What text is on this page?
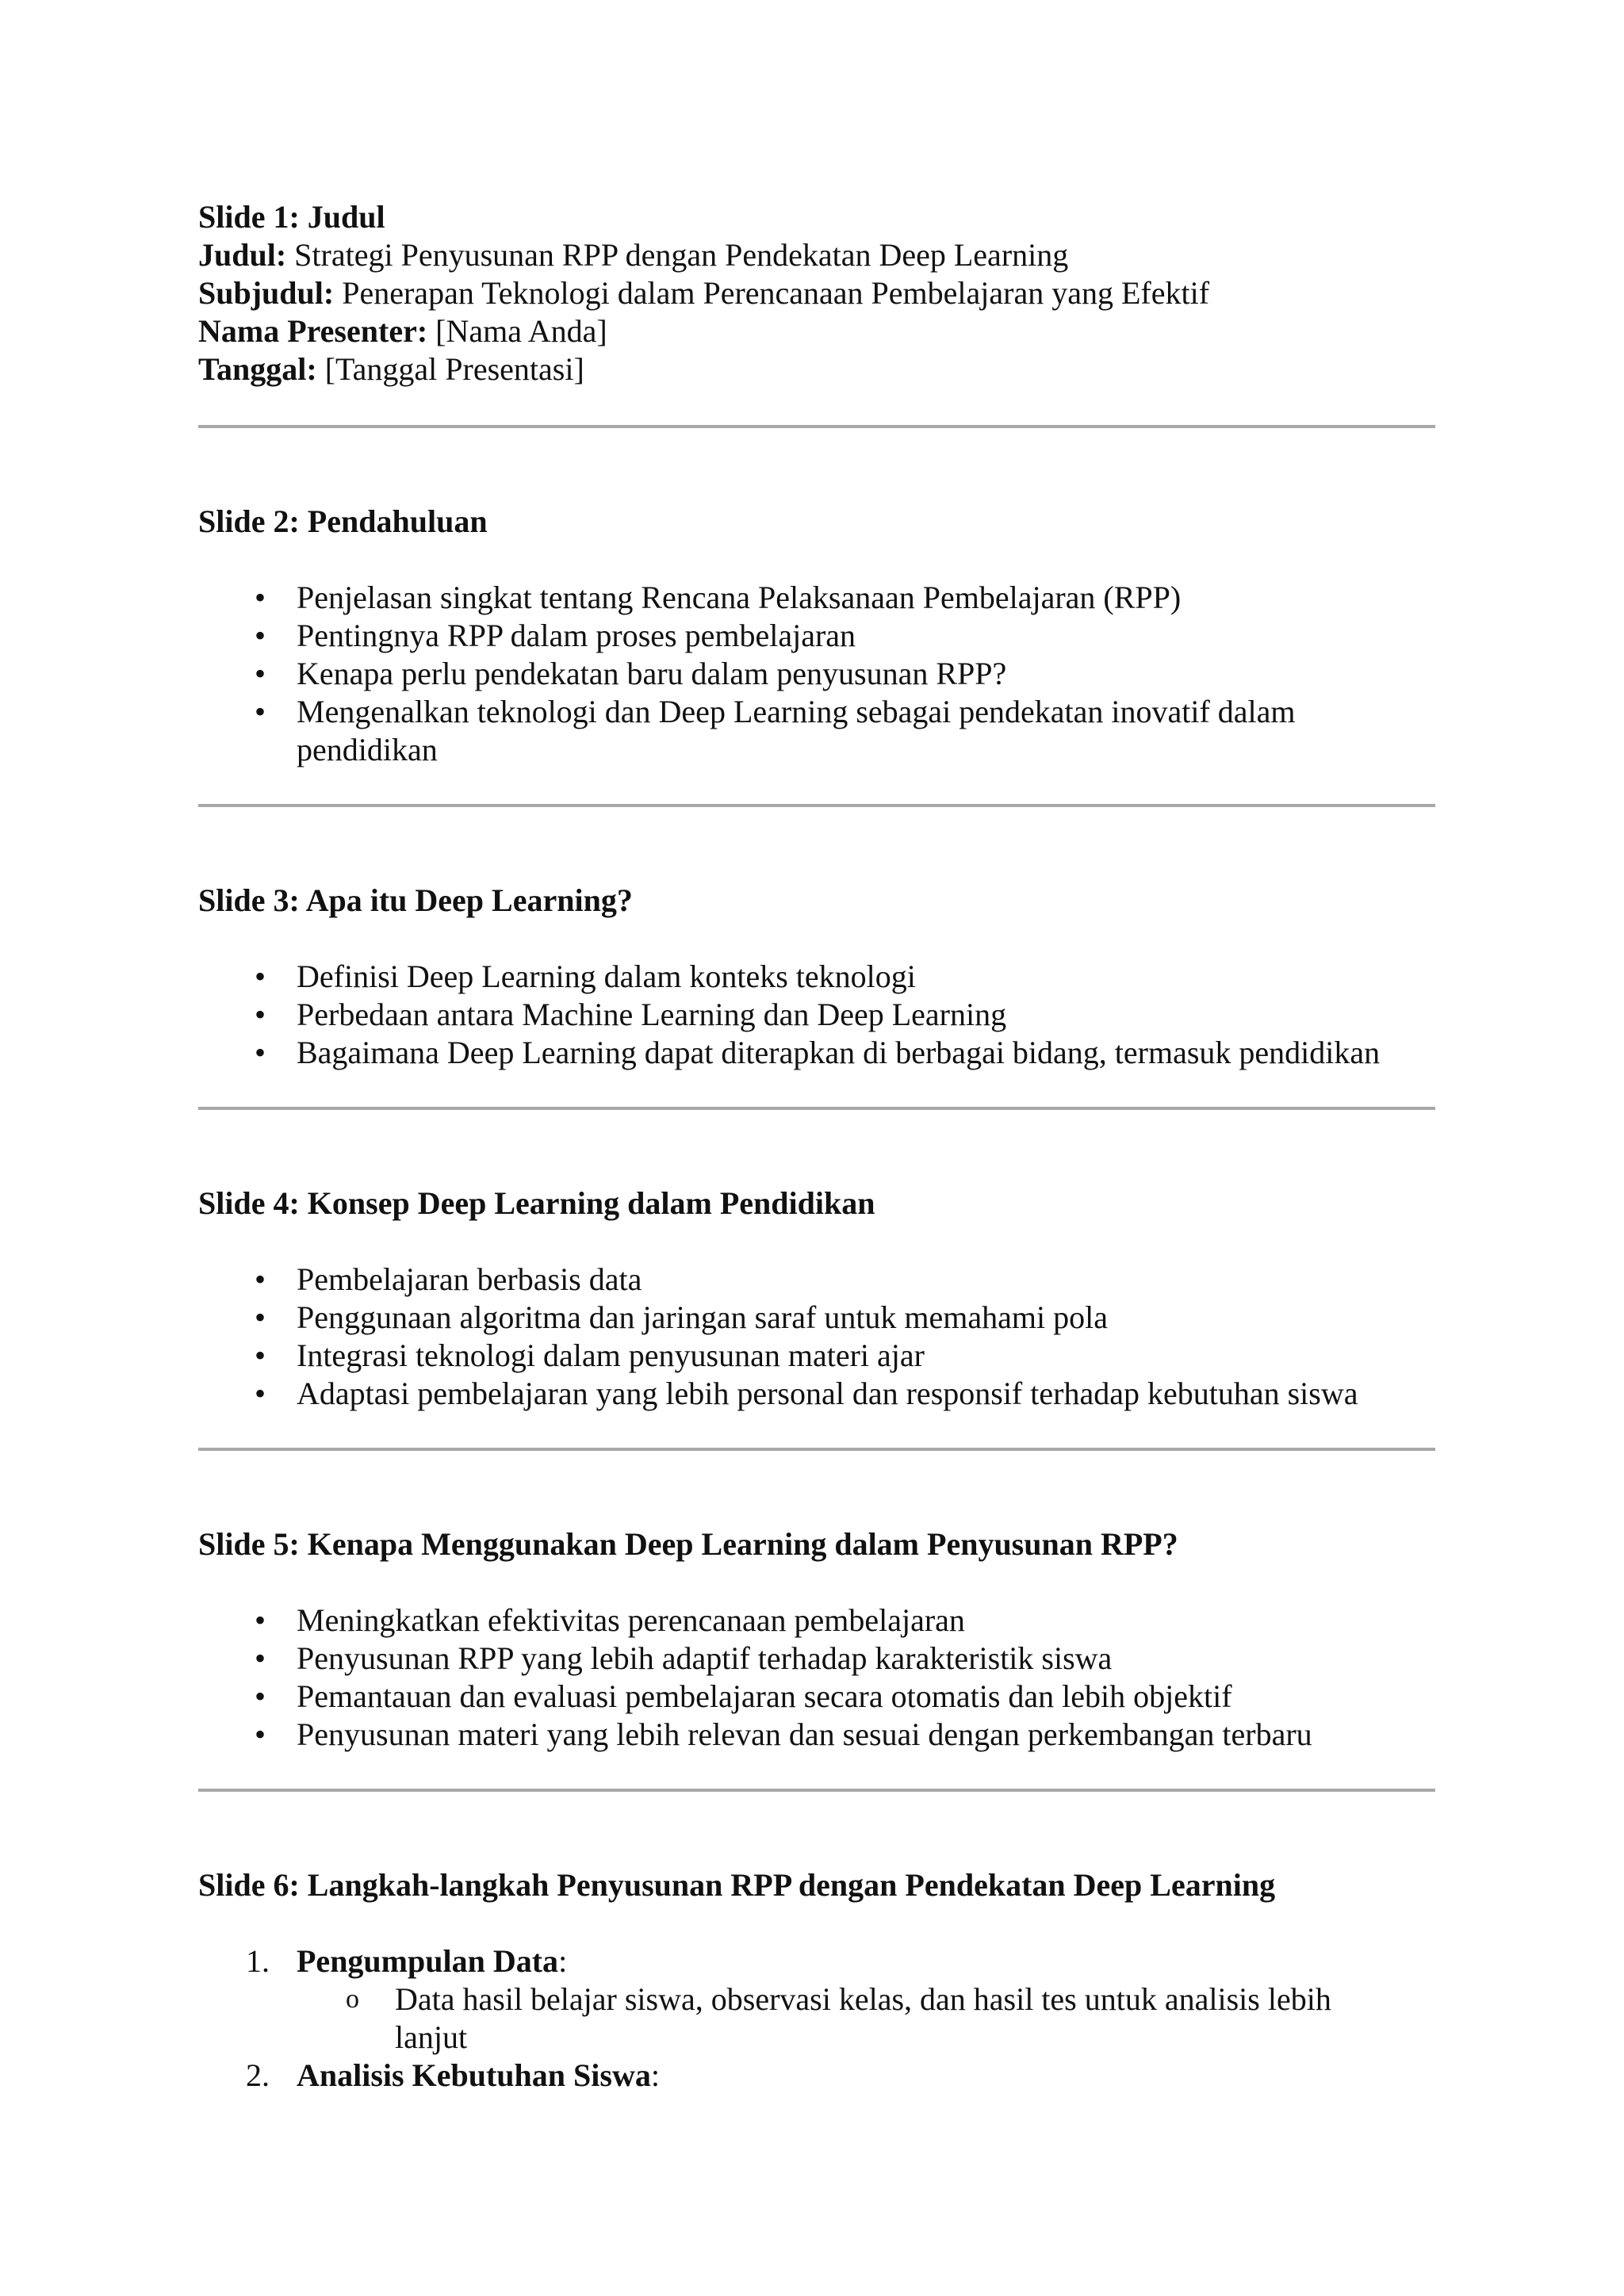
Slide 1: Judul
Judul: Strategi Penyusunan RPP dengan Pendekatan Deep Learning
Subjudul: Penerapan Teknologi dalam Perencanaan Pembelajaran yang Efektif
Nama Presenter: [Nama Anda]
Tanggal: [Tanggal Presentasi]
Slide 2: Pendahuluan
• Penjelasan singkat tentang Rencana Pelaksanaan Pembelajaran (RPP)
• Pentingnya RPP dalam proses pembelajaran
• Kenapa perlu pendekatan baru dalam penyusunan RPP?
• Mengenalkan teknologi dan Deep Learning sebagai pendekatan inovatif dalam pendidikan
Slide 3: Apa itu Deep Learning?
• Definisi Deep Learning dalam konteks teknologi
• Perbedaan antara Machine Learning dan Deep Learning
• Bagaimana Deep Learning dapat diterapkan di berbagai bidang, termasuk pendidikan
Slide 4: Konsep Deep Learning dalam Pendidikan
• Pembelajaran berbasis data
• Penggunaan algoritma dan jaringan saraf untuk memahami pola
• Integrasi teknologi dalam penyusunan materi ajar
• Adaptasi pembelajaran yang lebih personal dan responsif terhadap kebutuhan siswa
Slide 5: Kenapa Menggunakan Deep Learning dalam Penyusunan RPP?
• Meningkatkan efektivitas perencanaan pembelajaran
• Penyusunan RPP yang lebih adaptif terhadap karakteristik siswa
• Pemantauan dan evaluasi pembelajaran secara otomatis dan lebih objektif
• Penyusunan materi yang lebih relevan dan sesuai dengan perkembangan terbaru
Slide 6: Langkah-langkah Penyusunan RPP dengan Pendekatan Deep Learning
1. Pengumpulan Data:
o Data hasil belajar siswa, observasi kelas, dan hasil tes untuk analisis lebih lanjut
2. Analisis Kebutuhan Siswa:
